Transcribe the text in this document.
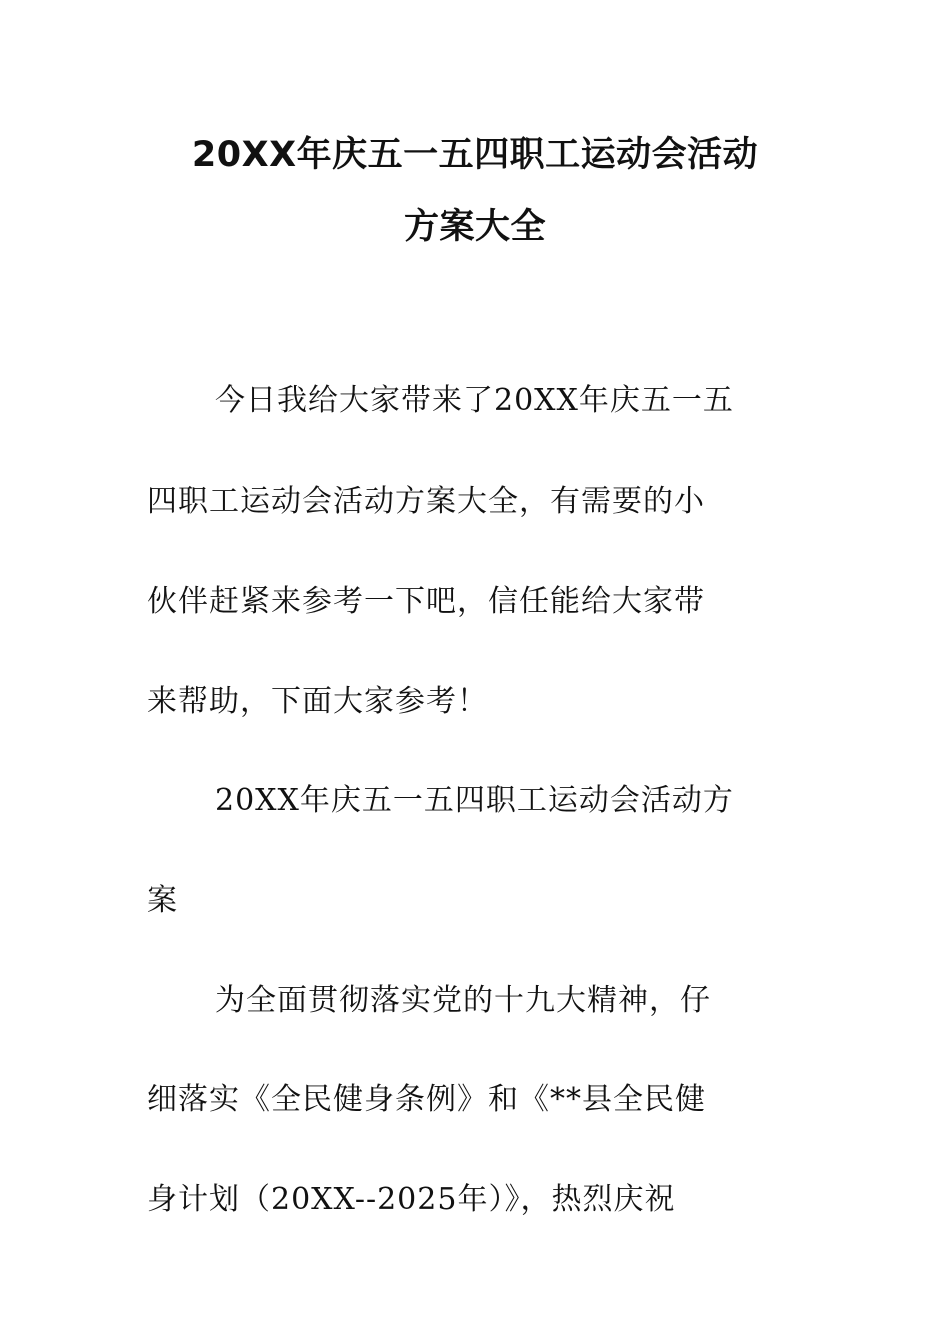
20XX年庆五一五四职工运动会活动
方案大全
今日我给大家带来了20XX年庆五一五
四职工运动会活动方案大全，有需要的小
伙伴赶紧来参考一下吧，信任能给大家带
来帮助，下面大家参考！
20XX年庆五一五四职工运动会活动方
案
为全面贯彻落实党的十九大精神，仔
细落实《全民健身条例》和《**县全民健
身计划（20XX--2025年）》，热烈庆祝
